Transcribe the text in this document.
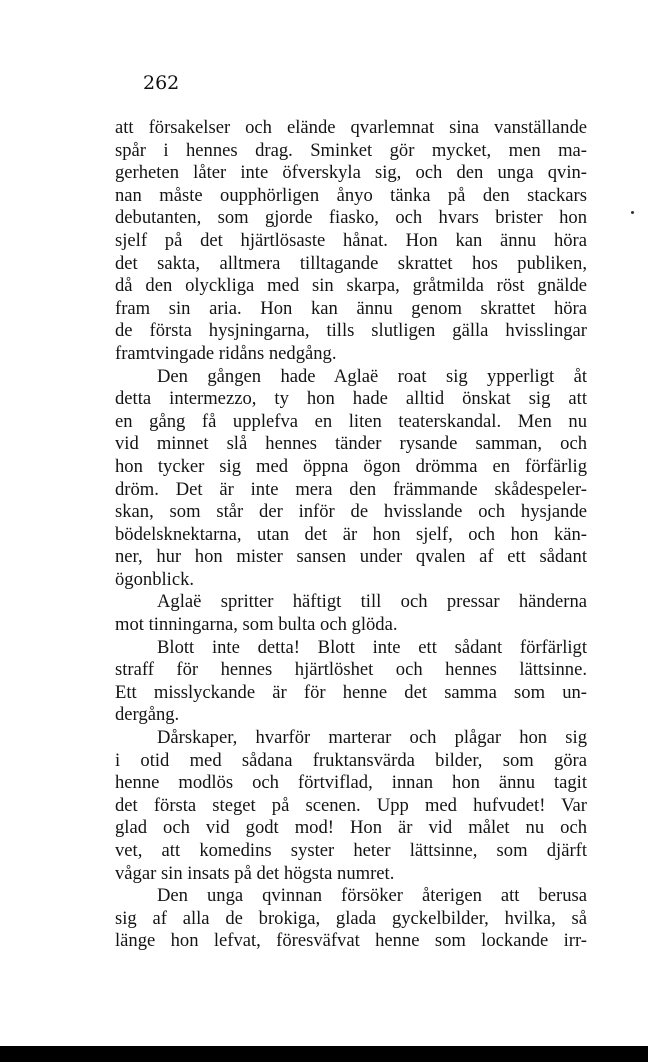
262
att försakelser och elände qvarlemnat sina vanställande
spår i hennes drag. Sminket gör mycket, men ma-
gerheten låter inte öfverskyla sig, och den unga qvin-
nan måste oupphörligen ånyo tänka på den stackars
debutanten, som gjorde fiasko, och hvars brister hon
sjelf på det hjärtlösaste hånat. Hon kan ännu höra
det sakta, alltmera tilltagande skrattet hos publiken,
då den olyckliga med sin skarpa, gråtmilda röst gnälde
fram sin aria. Hon kan ännu genom skrattet höra
de första hysjningarna, tills slutligen gälla hvisslingar
framtvingade ridåns nedgång.
Den gången hade Aglaë roat sig ypperligt åt
detta intermezzo, ty hon hade alltid önskat sig att
en gång få upplefva en liten teaterskandal. Men nu
vid minnet slå hennes tänder rysande samman, och
hon tycker sig med öppna ögon drömma en förfärlig
dröm. Det är inte mera den främmande skådespeler-
skan, som står der inför de hvisslande och hysjande
bödelsknektarna, utan det är hon sjelf, och hon kän-
ner, hur hon mister sansen under qvalen af ett sådant
ögonblick.
Aglaë spritter häftigt till och pressar händerna
mot tinningarna, som bulta och glöda.
Blott inte detta! Blott inte ett sådant förfärligt
straff för hennes hjärtlöshet och hennes lättsinne.
Ett misslyckande är för henne det samma som un-
dergång.
Dårskaper, hvarför marterar och plågar hon sig
i otid med sådana fruktansvärda bilder, som göra
henne modlös och förtviflad, innan hon ännu tagit
det första steget på scenen. Upp med hufvudet! Var
glad och vid godt mod! Hon är vid målet nu och
vet, att komedins syster heter lättsinne, som djärft
vågar sin insats på det högsta numret.
Den unga qvinnan försöker återigen att berusa
sig af alla de brokiga, glada gyckelbilder, hvilka, så
länge hon lefvat, föresväfvat henne som lockande irr-
